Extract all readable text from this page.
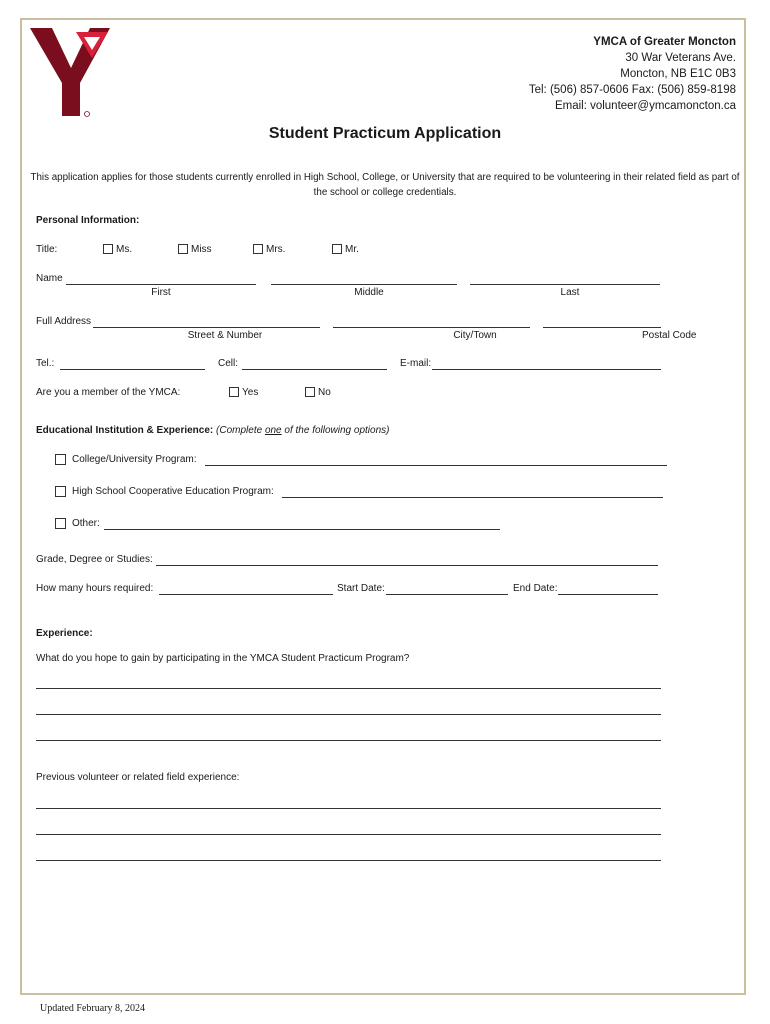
YMCA of Greater Moncton
30 War Veterans Ave.
Moncton, NB E1C 0B3
Tel: (506) 857-0606 Fax: (506) 859-8198
Email: volunteer@ymcamoncton.ca
Student Practicum Application
This application applies for those students currently enrolled in High School, College, or University that are required to be volunteering in their related field as part of the school or college credentials.
Personal Information:
Title:	Ms.	Miss	Mrs.	Mr.
Name
First	Middle	Last
Full Address
Street & Number	City/Town	Postal Code
Tel.:	Cell:	E-mail:
Are you a member of the YMCA:	Yes	No
Educational Institution & Experience: (Complete one of the following options)
College/University Program:
High School Cooperative Education Program:
Other:
Grade, Degree or Studies:
How many hours required:	Start Date:	End Date:
Experience:
What do you hope to gain by participating in the YMCA Student Practicum Program?
Previous volunteer or related field experience:
Updated February 8, 2024
